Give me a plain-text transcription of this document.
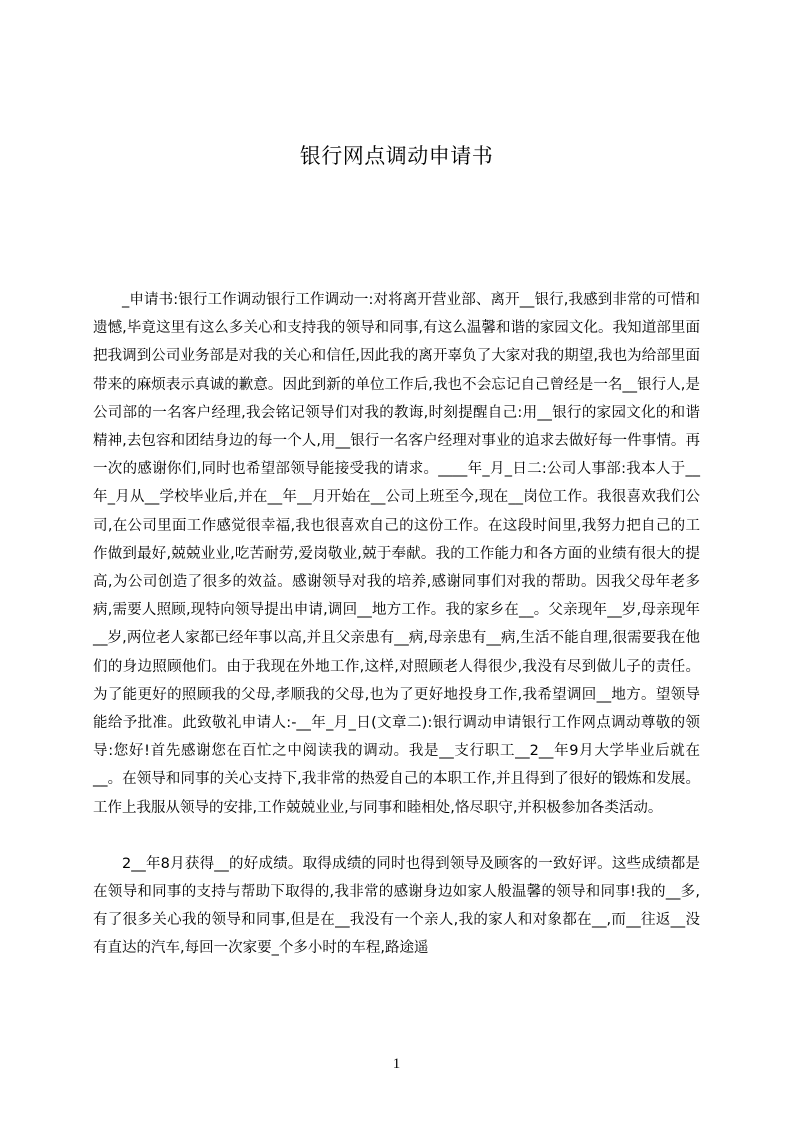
银行网点调动申请书

_申请书:银行工作调动银行工作调动一:对将离开营业部、离开__银行,我感到非常的可惜和遗憾,毕竟这里有这么多关心和支持我的领导和同事,有这么温馨和谐的家园文化。我知道部里面把我调到公司业务部是对我的关心和信任,因此我的离开辜负了大家对我的期望,我也为给部里面带来的麻烦表示真诚的歉意。因此到新的单位工作后,我也不会忘记自己曾经是一名__银行人,是公司部的一名客户经理,我会铭记领导们对我的教诲,时刻提醒自己:用__银行的家园文化的和谐精神,去包容和团结身边的每一个人,用__银行一名客户经理对事业的追求去做好每一件事情。再一次的感谢你们,同时也希望部领导能接受我的请求。____年_月_日二:公司人事部:我本人于__年_月从__学校毕业后,并在__年__月开始在__公司上班至今,现在__岗位工作。我很喜欢我们公司,在公司里面工作感觉很幸福,我也很喜欢自己的这份工作。在这段时间里,我努力把自己的工作做到最好,兢兢业业,吃苦耐劳,爱岗敬业,兢于奉献。我的工作能力和各方面的业绩有很大的提高,为公司创造了很多的效益。感谢领导对我的培养,感谢同事们对我的帮助。因我父母年老多病,需要人照顾,现特向领导提出申请,调回__地方工作。我的家乡在__。父亲现年__岁,母亲现年__岁,两位老人家都已经年事以高,并且父亲患有__病,母亲患有__病,生活不能自理,很需要我在他们的身边照顾他们。由于我现在外地工作,这样,对照顾老人得很少,我没有尽到做儿子的责任。为了能更好的照顾我的父母,孝顺我的父母,也为了更好地投身工作,我希望调回__地方。望领导能给予批准。此致敬礼申请人:-__年_月_日(文章二):银行调动申请银行工作网点调动尊敬的领导:您好!首先感谢您在百忙之中阅读我的调动。我是__支行职工__2__年9月大学毕业后就在__。在领导和同事的关心支持下,我非常的热爱自己的本职工作,并且得到了很好的锻炼和发展。工作上我服从领导的安排,工作兢兢业业,与同事和睦相处,恪尽职守,并积极参加各类活动。

2__年8月获得__的好成绩。取得成绩的同时也得到领导及顾客的一致好评。这些成绩都是在领导和同事的支持与帮助下取得的,我非常的感谢身边如家人般温馨的领导和同事!我的__多,有了很多关心我的领导和同事,但是在__我没有一个亲人,我的家人和对象都在__,而__往返__没有直达的汽车,每回一次家要_个多小时的车程,路途遥

1
